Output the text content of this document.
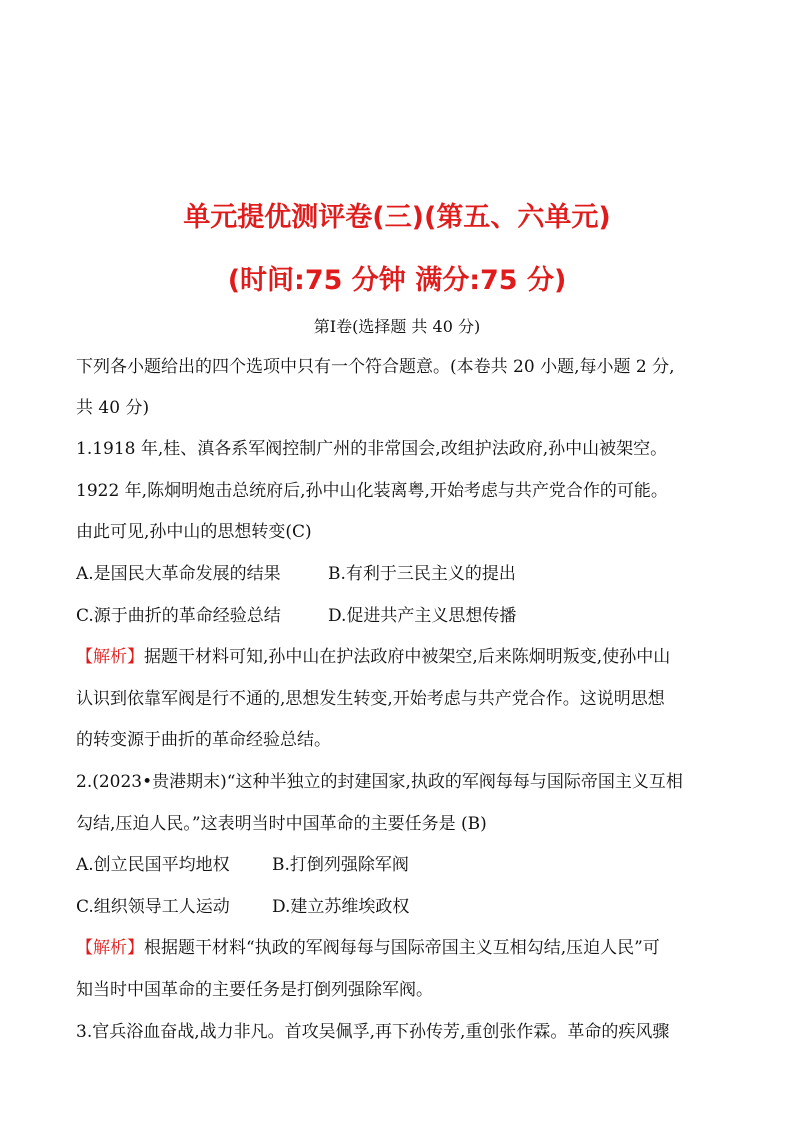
单元提优测评卷(三)(第五、六单元)
(时间:75 分钟 满分:75 分)
第Ⅰ卷(选择题 共 40 分)
下列各小题给出的四个选项中只有一个符合题意。(本卷共 20 小题,每小题 2 分,
共 40 分)
1.1918 年,桂、滇各系军阀控制广州的非常国会,改组护法政府,孙中山被架空。
1922 年,陈炯明炮击总统府后,孙中山化装离粤,开始考虑与共产党合作的可能。
由此可见,孙中山的思想转变(C)
A.是国民大革命发展的结果	B.有利于三民主义的提出
C.源于曲折的革命经验总结	D.促进共产主义思想传播
【解析】据题干材料可知,孙中山在护法政府中被架空,后来陈炯明叛变,使孙中山
认识到依靠军阀是行不通的,思想发生转变,开始考虑与共产党合作。这说明思想
的转变源于曲折的革命经验总结。
2.(2023•贵港期末)“这种半独立的封建国家,执政的军阀每每与国际帝国主义互相
勾结,压迫人民。”这表明当时中国革命的主要任务是 (B)
A.创立民国平均地权 B.打倒列强除军阀
C.组织领导工人运动 D.建立苏维埃政权
【解析】根据题干材料“执政的军阀每每与国际帝国主义互相勾结,压迫人民”可
知当时中国革命的主要任务是打倒列强除军阀。
3.官兵浴血奋战,战力非凡。首攻吴佩孚,再下孙传芳,重创张作霖。革命的疾风骤
